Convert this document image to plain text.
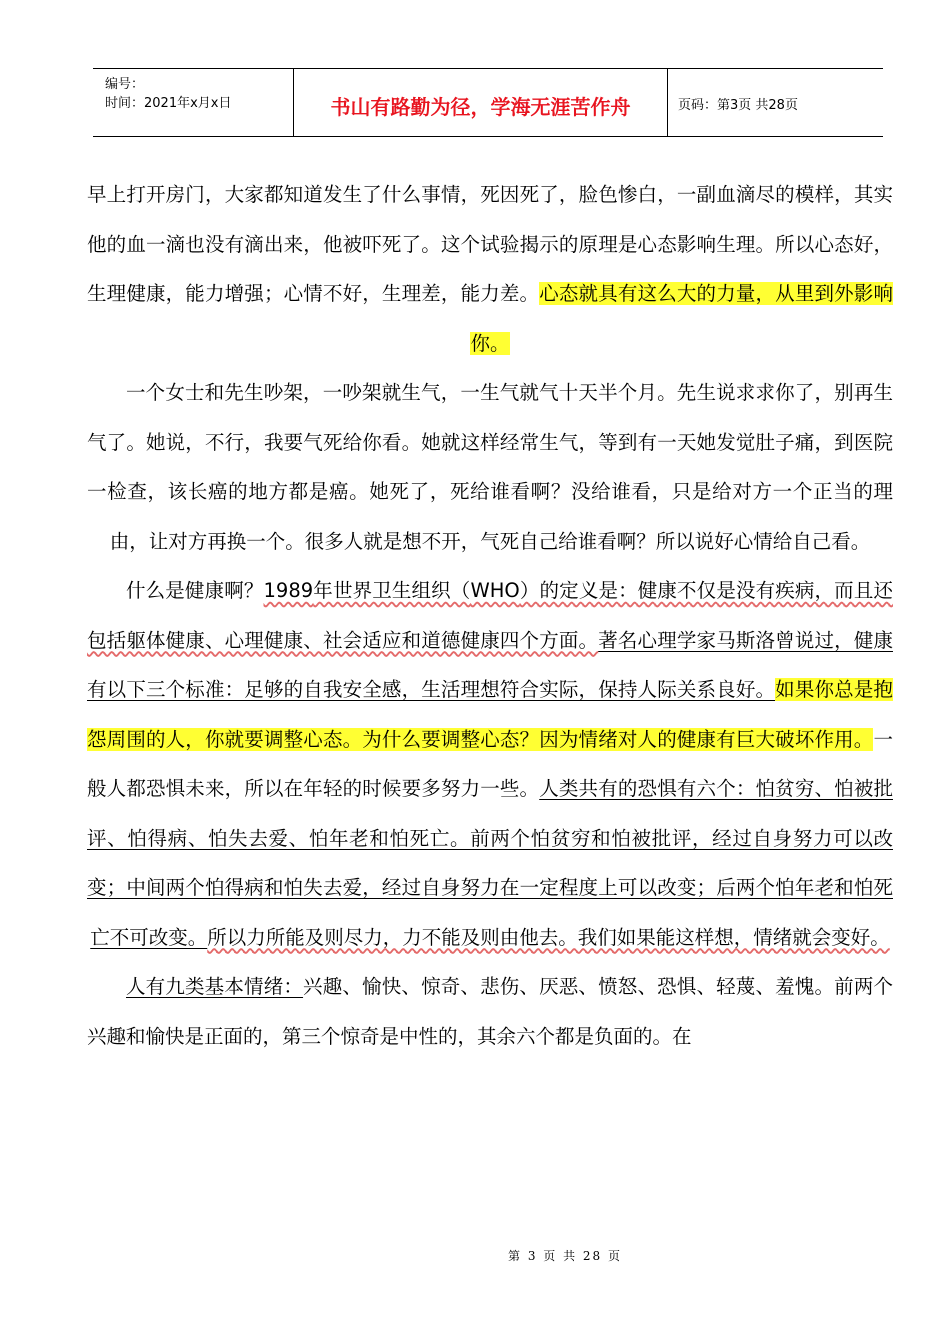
编号：
时间：2021年x月x日	书山有路勤为径，学海无涯苦作舟	页码：第3页 共28页

早上打开房门，大家都知道发生了什么事情，死因死了，脸色惨白，一副血滴尽的模样，其实他的血一滴也没有滴出来，他被吓死了。这个试验揭示的原理是心态影响生理。所以心态好，生理健康，能力增强；心情不好，生理差，能力差。心态就具有这么大的力量，从里到外影响你。

一个女士和先生吵架，一吵架就生气，一生气就气十天半个月。先生说求求你了，别再生气了。她说，不行，我要气死给你看。她就这样经常生气，等到有一天她发觉肚子痛，到医院一检查，该长癌的地方都是癌。她死了，死给谁看啊？没给谁看，只是给对方一个正当的理由，让对方再换一个。很多人就是想不开，气死自己给谁看啊？所以说好心情给自己看。

什么是健康啊？1989年世界卫生组织（WHO）的定义是：健康不仅是没有疾病，而且还包括躯体健康、心理健康、社会适应和道德健康四个方面。著名心理学家马斯洛曾说过，健康有以下三个标准：足够的自我安全感，生活理想符合实际，保持人际关系良好。如果你总是抱怨周围的人，你就要调整心态。为什么要调整心态？因为情绪对人的健康有巨大破坏作用。一般人都恐惧未来，所以在年轻的时候要多努力一些。人类共有的恐惧有六个：怕贫穷、怕被批评、怕得病、怕失去爱、怕年老和怕死亡。前两个怕贫穷和怕被批评，经过自身努力可以改变；中间两个怕得病和怕失去爱，经过自身努力在一定程度上可以改变；后两个怕年老和怕死亡不可改变。所以力所能及则尽力，力不能及则由他去。我们如果能这样想，情绪就会变好。

人有九类基本情绪：兴趣、愉快、惊奇、悲伤、厌恶、愤怒、恐惧、轻蔑、羞愧。前两个兴趣和愉快是正面的，第三个惊奇是中性的，其余六个都是负面的。在

第 3 页 共 28 页
